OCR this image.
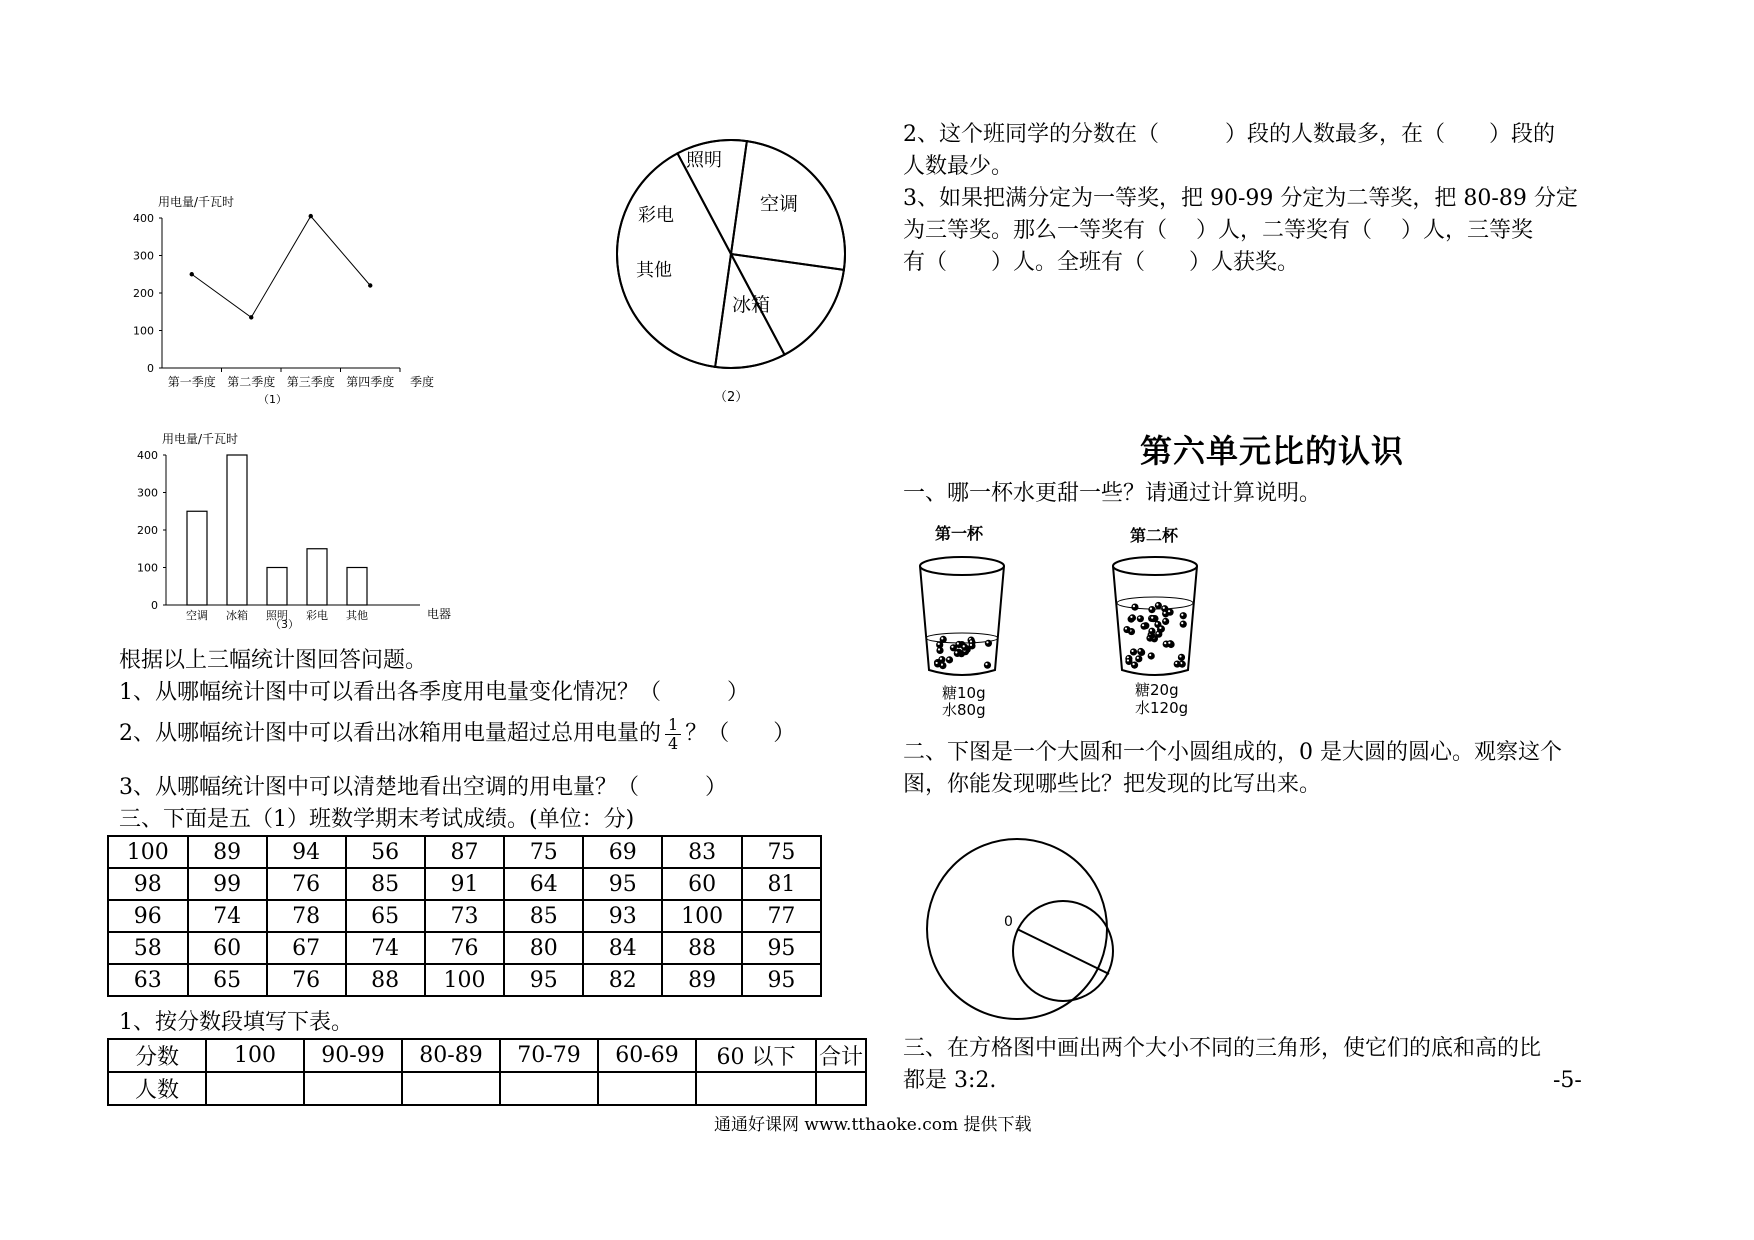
用电量/千瓦时
400
300
200
100
0
第一季度 第二季度 第三季度 第四季度 季度
（1）
照明
空调
彩电
其他
冰箱
（2）
用电量/千瓦时
400
300
200
100
0
空调 冰箱 照明 彩电 其他	电器
（3）
根据以上三幅统计图回答问题。
1、从哪幅统计图中可以看出各季度用电量变化情况？（　　　）
2、从哪幅统计图中可以看出冰箱用电量超过总用电量的 $\frac{1}{4}$ ？（　　）
3、从哪幅统计图中可以清楚地看出空调的用电量？（　　　）
三、下面是五（1）班数学期末考试成绩。(单位：分)
100	89	94	56	87	75	69	83	75
98	99	76	85	91	64	95	60	81
96	74	78	65	73	85	93	100	77
58	60	67	74	76	80	84	88	95
63	65	76	88	100	95	82	89	95
1、按分数段填写下表。
分数	100	90-99	80-89	70-79	60-69	60 以下	合计
人数							
2、这个班同学的分数在（　　　）段的人数最多，在（　　）段的
人数最少。
3、如果把满分定为一等奖，把 90-99 分定为二等奖，把 80-89 分定
为三等奖。那么一等奖有（　 ）人，二等奖有（　 ）人，三等奖
有（　　）人。全班有（　　）人获奖。
第六单元比的认识
一、哪一杯水更甜一些？请通过计算说明。
第一杯
糖10g
水80g
第二杯
糖20g
水120g
二、下图是一个大圆和一个小圆组成的，0 是大圆的圆心。观察这个
图，你能发现哪些比？把发现的比写出来。
0
三、在方格图中画出两个大小不同的三角形，使它们的底和高的比
都是 3:2.	-5-
通通好课网 www.tthaoke.com 提供下载
